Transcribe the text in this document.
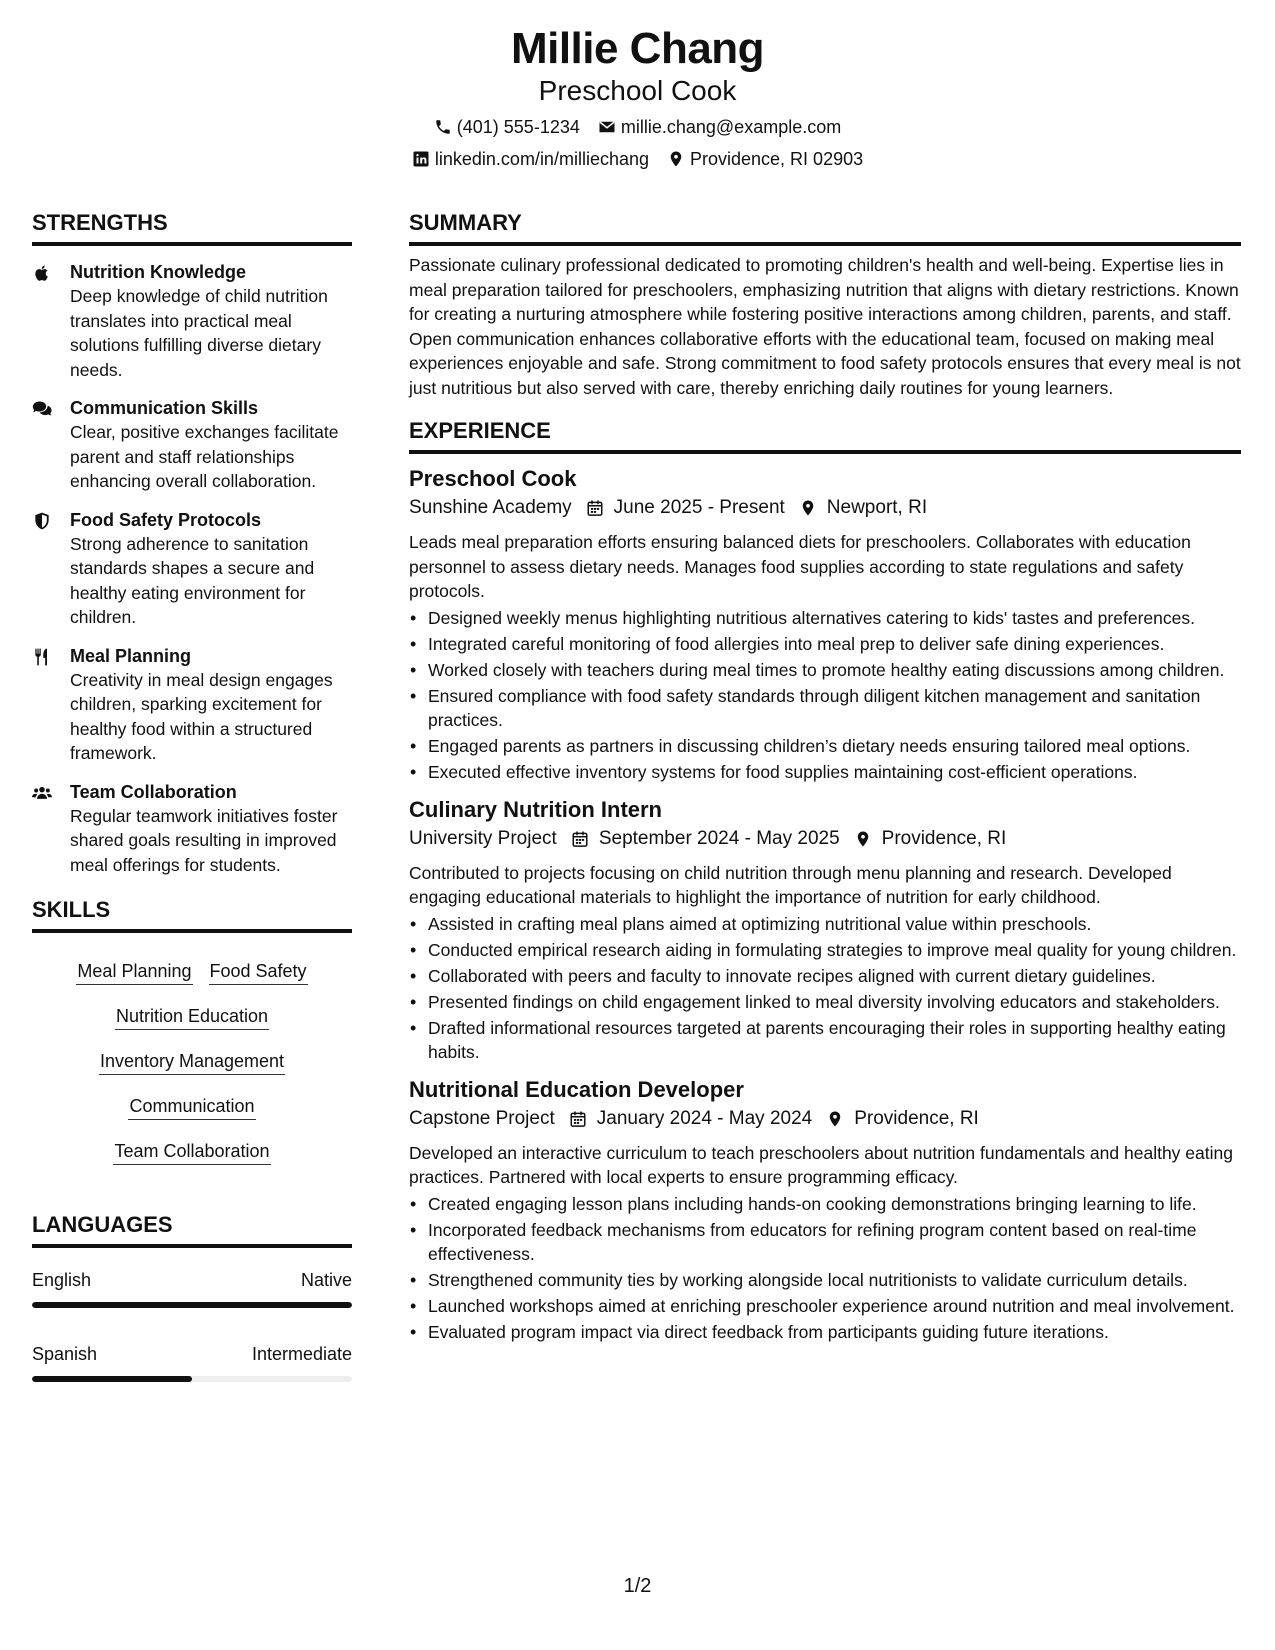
Millie Chang
Preschool Cook
(401) 555-1234 millie.chang@example.com
linkedin.com/in/milliechang Providence, RI 02903
STRENGTHS
Nutrition Knowledge
Deep knowledge of child nutrition translates into practical meal solutions fulfilling diverse dietary needs.
Communication Skills
Clear, positive exchanges facilitate parent and staff relationships enhancing overall collaboration.
Food Safety Protocols
Strong adherence to sanitation standards shapes a secure and healthy eating environment for children.
Meal Planning
Creativity in meal design engages children, sparking excitement for healthy food within a structured framework.
Team Collaboration
Regular teamwork initiatives foster shared goals resulting in improved meal offerings for students.
SKILLS
Meal Planning Food Safety
Nutrition Education
Inventory Management
Communication
Team Collaboration
LANGUAGES
English	Native
Spanish	Intermediate
SUMMARY
Passionate culinary professional dedicated to promoting children's health and well-being. Expertise lies in meal preparation tailored for preschoolers, emphasizing nutrition that aligns with dietary restrictions. Known for creating a nurturing atmosphere while fostering positive interactions among children, parents, and staff. Open communication enhances collaborative efforts with the educational team, focused on making meal experiences enjoyable and safe. Strong commitment to food safety protocols ensures that every meal is not just nutritious but also served with care, thereby enriching daily routines for young learners.
EXPERIENCE
Preschool Cook
Sunshine Academy June 2025 - Present Newport, RI
Leads meal preparation efforts ensuring balanced diets for preschoolers. Collaborates with education personnel to assess dietary needs. Manages food supplies according to state regulations and safety protocols.
• Designed weekly menus highlighting nutritious alternatives catering to kids' tastes and preferences.
• Integrated careful monitoring of food allergies into meal prep to deliver safe dining experiences.
• Worked closely with teachers during meal times to promote healthy eating discussions among children.
• Ensured compliance with food safety standards through diligent kitchen management and sanitation practices.
• Engaged parents as partners in discussing children’s dietary needs ensuring tailored meal options.
• Executed effective inventory systems for food supplies maintaining cost-efficient operations.
Culinary Nutrition Intern
University Project September 2024 - May 2025 Providence, RI
Contributed to projects focusing on child nutrition through menu planning and research. Developed engaging educational materials to highlight the importance of nutrition for early childhood.
• Assisted in crafting meal plans aimed at optimizing nutritional value within preschools.
• Conducted empirical research aiding in formulating strategies to improve meal quality for young children.
• Collaborated with peers and faculty to innovate recipes aligned with current dietary guidelines.
• Presented findings on child engagement linked to meal diversity involving educators and stakeholders.
• Drafted informational resources targeted at parents encouraging their roles in supporting healthy eating habits.
Nutritional Education Developer
Capstone Project January 2024 - May 2024 Providence, RI
Developed an interactive curriculum to teach preschoolers about nutrition fundamentals and healthy eating practices. Partnered with local experts to ensure programming efficacy.
• Created engaging lesson plans including hands-on cooking demonstrations bringing learning to life.
• Incorporated feedback mechanisms from educators for refining program content based on real-time effectiveness.
• Strengthened community ties by working alongside local nutritionists to validate curriculum details.
• Launched workshops aimed at enriching preschooler experience around nutrition and meal involvement.
• Evaluated program impact via direct feedback from participants guiding future iterations.
1/2
